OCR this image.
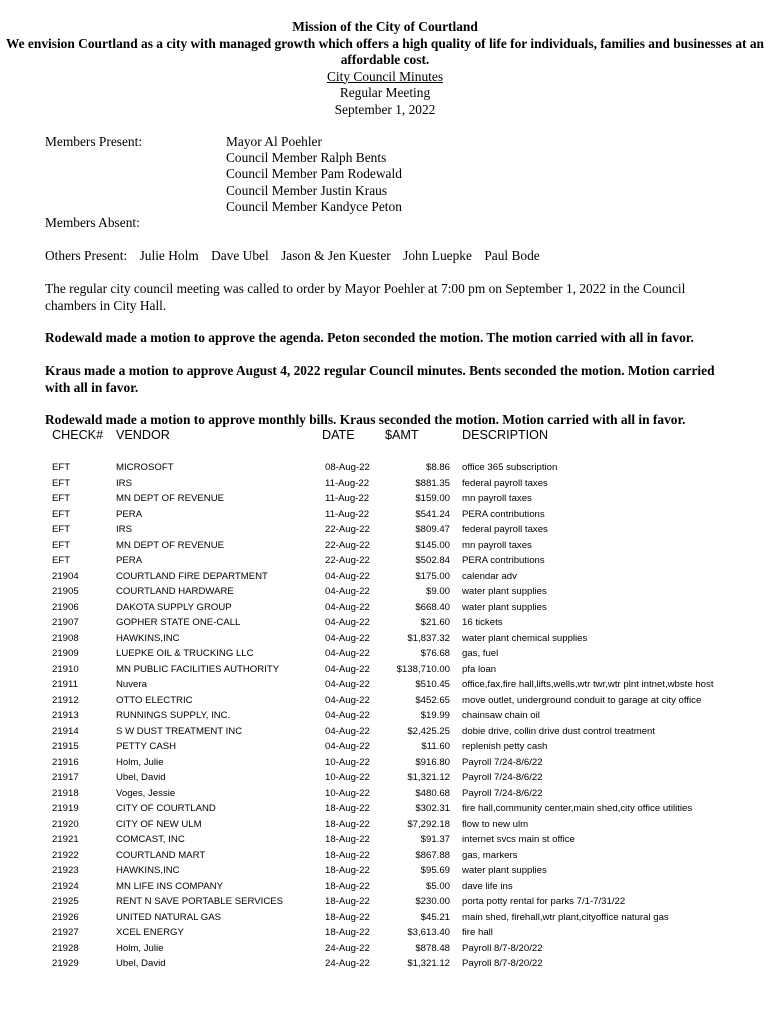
Mission of the City of Courtland
We envision Courtland as a city with managed growth which offers a high quality of life for individuals, families and businesses at an affordable cost.
City Council Minutes
Regular Meeting
September 1, 2022
Members Present:	Mayor Al Poehler
Council Member Ralph Bents
Council Member Pam Rodewald
Council Member Justin Kraus
Council Member Kandyce Peton
Members Absent:
Others Present: Julie Holm Dave Ubel Jason & Jen Kuester John Luepke Paul Bode
The regular city council meeting was called to order by Mayor Poehler at 7:00 pm on September 1, 2022 in the Council chambers in City Hall.
Rodewald made a motion to approve the agenda. Peton seconded the motion. The motion carried with all in favor.
Kraus made a motion to approve August 4, 2022 regular Council minutes. Bents seconded the motion. Motion carried with all in favor.
Rodewald made a motion to approve monthly bills. Kraus seconded the motion. Motion carried with all in favor.
CHECK# VENDOR	DATE $AMT	DESCRIPTION
EFT	MICROSOFT	08-Aug-22	$8.86 office 365 subscription
EFT	IRS	11-Aug-22	$881.35 federal payroll taxes
EFT	MN DEPT OF REVENUE	11-Aug-22	$159.00 mn payroll taxes
EFT	PERA	11-Aug-22	$541.24 PERA contributions
EFT	IRS	22-Aug-22	$809.47 federal payroll taxes
EFT	MN DEPT OF REVENUE	22-Aug-22	$145.00 mn payroll taxes
EFT	PERA	22-Aug-22	$502.84 PERA contributions
21904	COURTLAND FIRE DEPARTMENT	04-Aug-22	$175.00 calendar adv
21905	COURTLAND HARDWARE	04-Aug-22	$9.00 water plant supplies
21906	DAKOTA SUPPLY GROUP	04-Aug-22	$668.40 water plant supplies
21907	GOPHER STATE ONE-CALL	04-Aug-22	$21.60 16 tickets
21908	HAWKINS,INC	04-Aug-22	$1,837.32 water plant chemical supplies
21909	LUEPKE OIL & TRUCKING LLC	04-Aug-22	$76.68 gas, fuel
21910	MN PUBLIC FACILITIES AUTHORITY	04-Aug-22	$138,710.00 pfa loan
21911	Nuvera	04-Aug-22	$510.45 office,fax,fire hall,lifts,wells,wtr twr,wtr plnt intnet,wbste host
21912	OTTO ELECTRIC	04-Aug-22	$452.65 move outlet, underground conduit to garage at city office
21913	RUNNINGS SUPPLY, INC.	04-Aug-22	$19.99 chainsaw chain oil
21914	S W DUST TREATMENT INC	04-Aug-22	$2,425.25 dobie drive, collin drive dust control treatment
21915	PETTY CASH	04-Aug-22	$11.60 replenish petty cash
21916	Holm, Julie	10-Aug-22	$916.80 Payroll 7/24-8/6/22
21917	Ubel, David	10-Aug-22	$1,321.12 Payroll 7/24-8/6/22
21918	Voges, Jessie	10-Aug-22	$480.68 Payroll 7/24-8/6/22
21919	CITY OF COURTLAND	18-Aug-22	$302.31 fire hall,community center,main shed,city office utilities
21920	CITY OF NEW ULM	18-Aug-22	$7,292.18 flow to new ulm
21921	COMCAST, INC	18-Aug-22	$91.37 internet svcs main st office
21922	COURTLAND MART	18-Aug-22	$867.88 gas, markers
21923	HAWKINS,INC	18-Aug-22	$95.69 water plant supplies
21924	MN LIFE INS COMPANY	18-Aug-22	$5.00 dave life ins
21925	RENT N SAVE PORTABLE SERVICES	18-Aug-22	$230.00 porta potty rental for parks 7/1-7/31/22
21926	UNITED NATURAL GAS	18-Aug-22	$45.21 main shed, firehall,wtr plant,cityoffice natural gas
21927	XCEL ENERGY	18-Aug-22	$3,613.40 fire hall
21928	Holm, Julie	24-Aug-22	$878.48 Payroll 8/7-8/20/22
21929	Ubel, David	24-Aug-22	$1,321.12 Payroll 8/7-8/20/22
